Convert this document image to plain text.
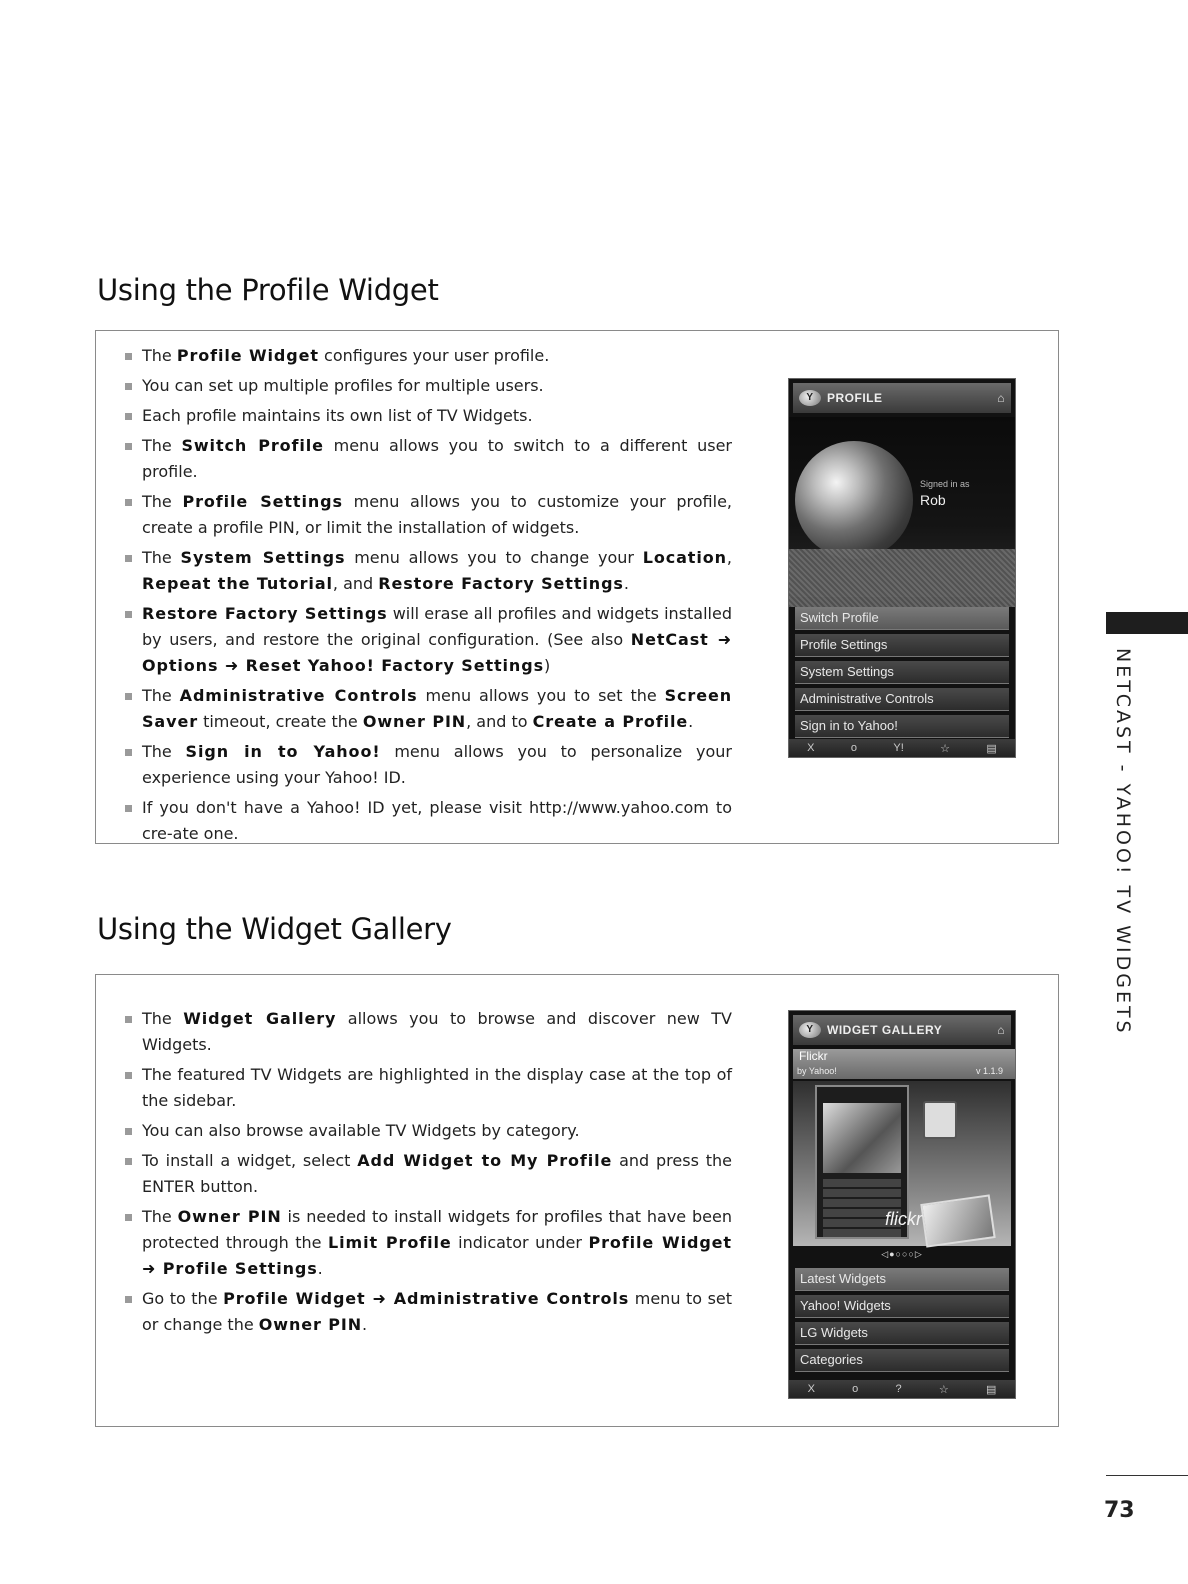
Using the Profile Widget
The Profile Widget configures your user profile.
You can set up multiple profiles for multiple users.
Each profile maintains its own list of TV Widgets.
The Switch Profile menu allows you to switch to a different user profile.
The Profile Settings menu allows you to customize your profile, create a profile PIN, or limit the installation of widgets.
The System Settings menu allows you to change your Location, Repeat the Tutorial, and Restore Factory Settings.
Restore Factory Settings will erase all profiles and widgets installed by users, and restore the original configuration. (See also NetCast ➜ Options ➜ Reset Yahoo! Factory Settings)
The Administrative Controls menu allows you to set the Screen Saver timeout, create the Owner PIN, and to Create a Profile.
The Sign in to Yahoo! menu allows you to personalize your experience using your Yahoo! ID.
If you don't have a Yahoo! ID yet, please visit http://www.yahoo.com to cre-ate one.
Y	PROFILE	⌂
Signed in as
Rob
Switch Profile
Profile Settings
System Settings
Administrative Controls
Sign in to Yahoo!
X	o	Y!	☆	▤
Using the Widget Gallery
The Widget Gallery allows you to browse and discover new TV Widgets.
The featured TV Widgets are highlighted in the display case at the top of the sidebar.
You can also browse available TV Widgets by category.
To install a widget, select Add Widget to My Profile and press the ENTER button.
The Owner PIN is needed to install widgets for profiles that have been protected through the Limit Profile indicator under Profile Widget ➜ Profile Settings.
Go to the Profile Widget ➜ Administrative Controls menu to set or change the Owner PIN.
Y	WIDGET GALLERY	⌂
Flickr
by Yahoo!	v 1.1.9
flickr
◁●○○○▷
Latest Widgets
Yahoo! Widgets
LG Widgets
Categories
X	o	?	☆	▤
NETCAST - YAHOO! TV WIDGETS
73
